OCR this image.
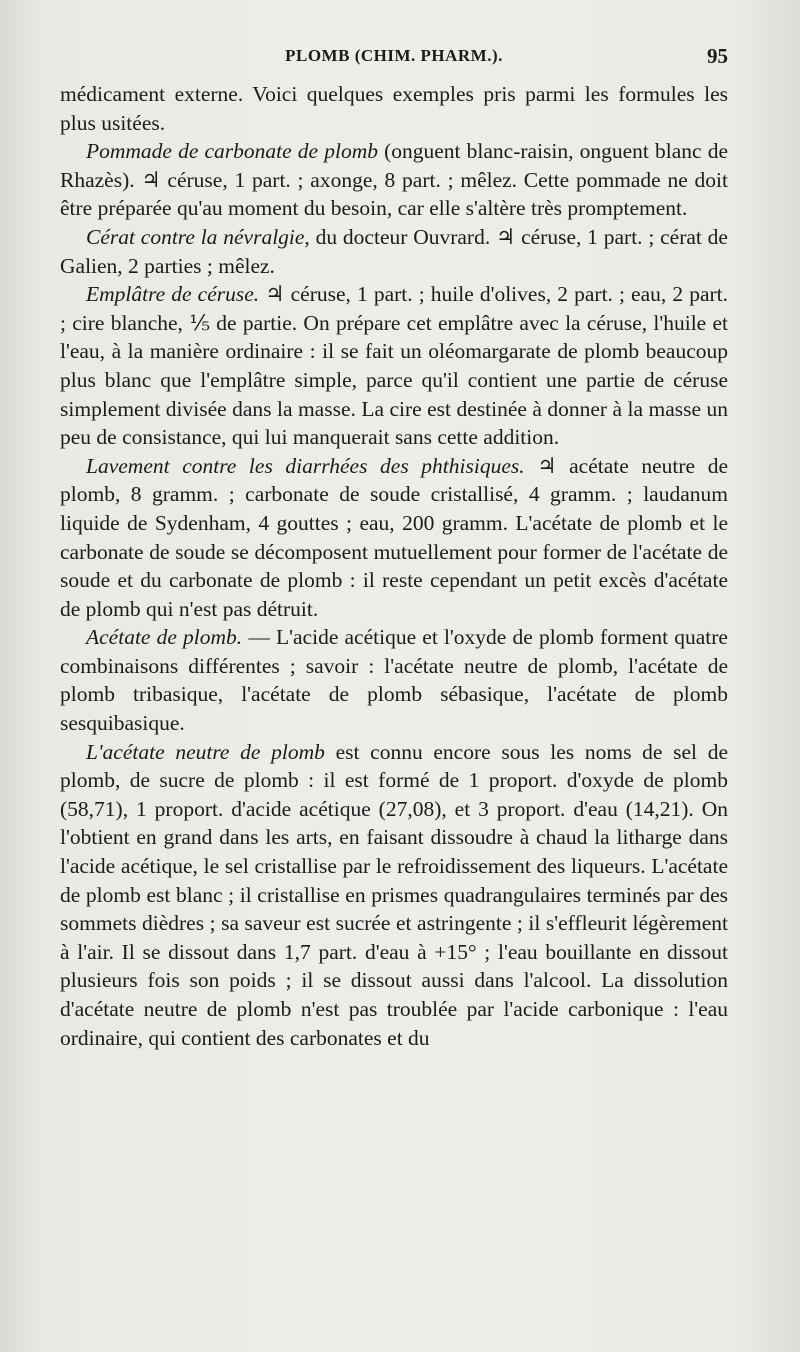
PLOMB (CHIM. PHARM.).	95

médicament externe. Voici quelques exemples pris parmi les formules les plus usitées.

Pommade de carbonate de plomb (onguent blanc-raisin, onguent blanc de Rhazès). ♃ céruse, 1 part. ; axonge, 8 part. ; mêlez. Cette pommade ne doit être préparée qu'au moment du besoin, car elle s'altère très promptement.

Cérat contre la névralgie, du docteur Ouvrard. ♃ céruse, 1 part. ; cérat de Galien, 2 parties ; mêlez.

Emplâtre de céruse. ♃ céruse, 1 part. ; huile d'olives, 2 part. ; eau, 2 part. ; cire blanche, ⅕ de partie. On prépare cet emplâtre avec la céruse, l'huile et l'eau, à la manière ordinaire : il se fait un oléomargarate de plomb beaucoup plus blanc que l'emplâtre simple, parce qu'il contient une partie de céruse simplement divisée dans la masse. La cire est destinée à donner à la masse un peu de consistance, qui lui manquerait sans cette addition.

Lavement contre les diarrhées des phthisiques. ♃ acétate neutre de plomb, 8 gramm. ; carbonate de soude cristallisé, 4 gramm. ; laudanum liquide de Sydenham, 4 gouttes ; eau, 200 gramm. L'acétate de plomb et le carbonate de soude se décomposent mutuellement pour former de l'acétate de soude et du carbonate de plomb : il reste cependant un petit excès d'acétate de plomb qui n'est pas détruit.

Acétate de plomb. — L'acide acétique et l'oxyde de plomb forment quatre combinaisons différentes ; savoir : l'acétate neutre de plomb, l'acétate de plomb tribasique, l'acétate de plomb sébasique, l'acétate de plomb sesquibasique.

L'acétate neutre de plomb est connu encore sous les noms de sel de plomb, de sucre de plomb : il est formé de 1 proport. d'oxyde de plomb (58,71), 1 proport. d'acide acétique (27,08), et 3 proport. d'eau (14,21). On l'obtient en grand dans les arts, en faisant dissoudre à chaud la litharge dans l'acide acétique, le sel cristallise par le refroidissement des liqueurs. L'acétate de plomb est blanc ; il cristallise en prismes quadrangulaires terminés par des sommets dièdres ; sa saveur est sucrée et astringente ; il s'effleurit légèrement à l'air. Il se dissout dans 1,7 part. d'eau à +15° ; l'eau bouillante en dissout plusieurs fois son poids ; il se dissout aussi dans l'alcool. La dissolution d'acétate neutre de plomb n'est pas troublée par l'acide carbonique : l'eau ordinaire, qui contient des carbonates et du
